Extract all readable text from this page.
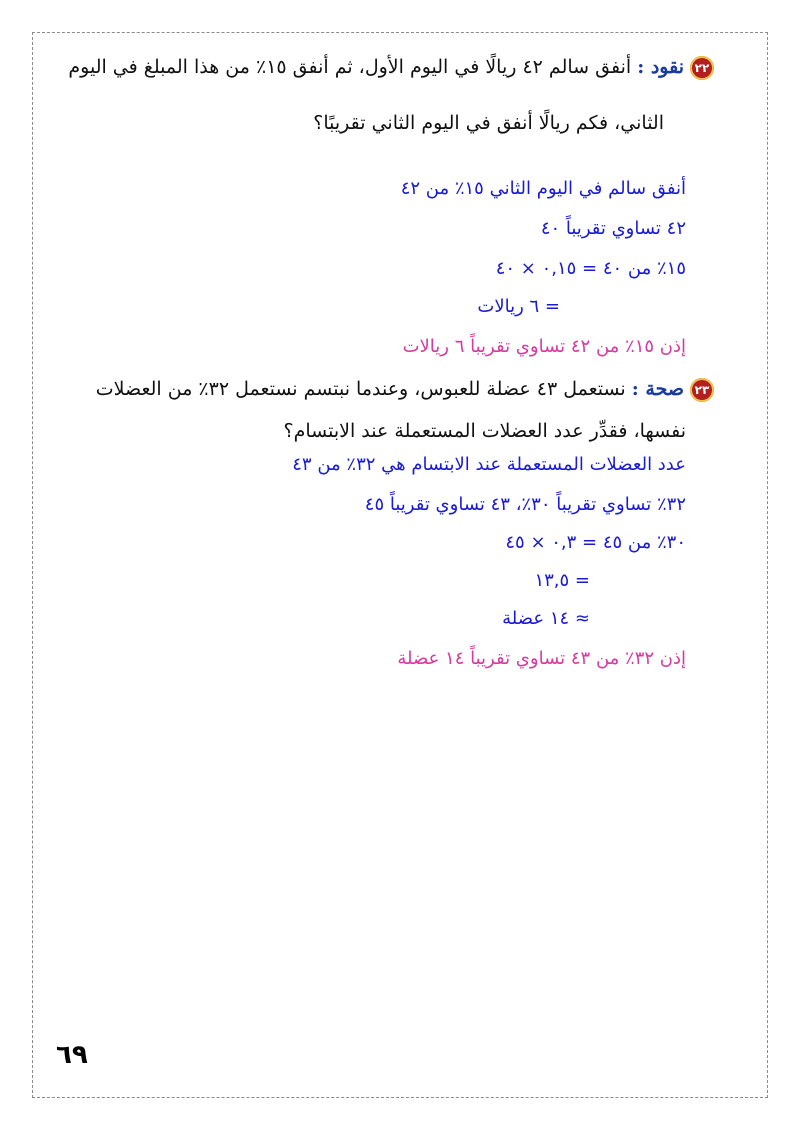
٢٢نقود : أنفق سالم ٤٢ ريالًا في اليوم الأول، ثم أنفق ١٥٪ من هذا المبلغ في اليوم
الثاني، فكم ريالًا أنفق في اليوم الثاني تقريبًا؟
أنفق سالم في اليوم الثاني ١٥٪ من ٤٢
٤٢ تساوي تقريباً ٤٠
١٥٪ من ٤٠ = ٠,١٥ × ٤٠
= ٦ ريالات
إذن ١٥٪ من ٤٢ تساوي تقريباً ٦ ريالات
٢٣صحة : نستعمل ٤٣ عضلة للعبوس، وعندما نبتسم نستعمل ٣٢٪ من العضلات
نفسها، فقدِّر عدد العضلات المستعملة عند الابتسام؟
عدد العضلات المستعملة عند الابتسام هي ٣٢٪ من ٤٣
٣٢٪ تساوي تقريباً ٣٠٪، ٤٣ تساوي تقريباً ٤٥
٣٠٪ من ٤٥ = ٠,٣ × ٤٥
= ١٣,٥
≈ ١٤ عضلة
إذن ٣٢٪ من ٤٣ تساوي تقريباً ١٤ عضلة
٦٩
